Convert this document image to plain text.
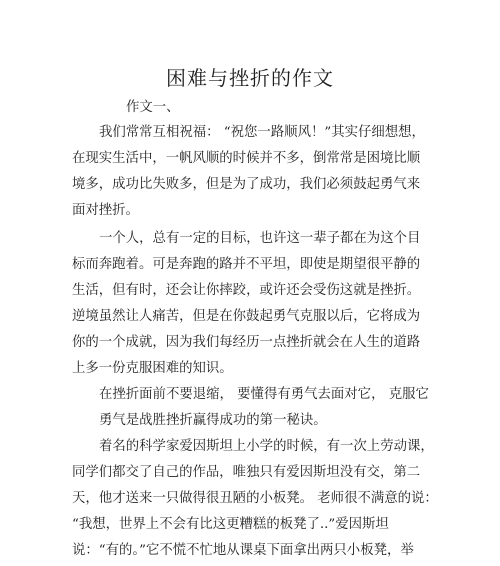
困难与挫折的作文
作文一、
我们常常互相祝福： “祝您一路顺风！”其实仔细想想，
在现实生活中，一帆风顺的时候并不多，倒常常是困境比顺
境多，成功比失败多，但是为了成功，我们必须鼓起勇气来
面对挫折。
一个人，总有一定的目标，也许这一辈子都在为这个目
标而奔跑着。可是奔跑的路并不平坦，即使是期望很平静的
生活，但有时，还会让你摔跤，或许还会受伤这就是挫折。
逆境虽然让人痛苦，但是在你鼓起勇气克服以后，它将成为
你的一个成就，因为我们每经历一点挫折就会在人生的道路
上多一份克服困难的知识。
在挫折面前不要退缩， 要懂得有勇气去面对它， 克服它
勇气是战胜挫折赢得成功的第一秘诀。
着名的科学家爱因斯坦上小学的时候，有一次上劳动课，
同学们都交了自己的作品，唯独只有爱因斯坦没有交，第二
天，他才送来一只做得很丑陋的小板凳。 老师很不满意的说：
“我想，世界上不会有比这更糟糕的板凳了..”爱因斯坦
说：“有的。”它不慌不忙地从课桌下面拿出两只小板凳，举
